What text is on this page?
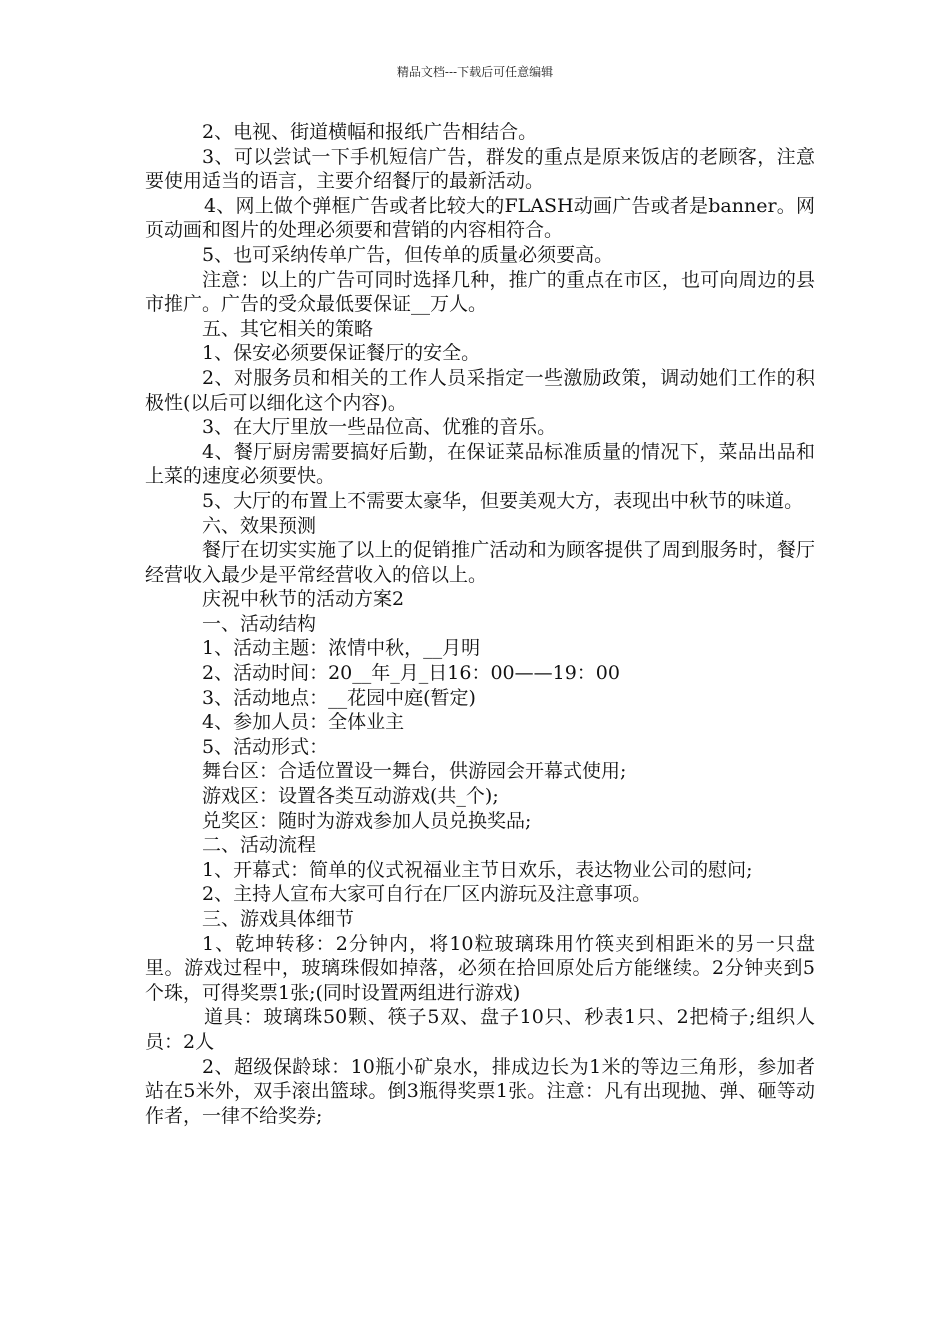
精品文档---下载后可任意编辑

2、电视、街道横幅和报纸广告相结合。

3、可以尝试一下手机短信广告，群发的重点是原来饭店的老顾客，注意要使用适当的语言，主要介绍餐厅的最新活动。

4、网上做个弹框广告或者比较大的FLASH动画广告或者是banner。网页动画和图片的处理必须要和营销的内容相符合。

5、也可采纳传单广告，但传单的质量必须要高。

注意：以上的广告可同时选择几种，推广的重点在市区，也可向周边的县市推广。广告的受众最低要保证__万人。

五、其它相关的策略

1、保安必须要保证餐厅的安全。

2、对服务员和相关的工作人员采指定一些激励政策，调动她们工作的积极性(以后可以细化这个内容)。

3、在大厅里放一些品位高、优雅的音乐。

4、餐厅厨房需要搞好后勤，在保证菜品标准质量的情况下，菜品出品和上菜的速度必须要快。

5、大厅的布置上不需要太豪华，但要美观大方，表现出中秋节的味道。

六、效果预测

餐厅在切实实施了以上的促销推广活动和为顾客提供了周到服务时，餐厅经营收入最少是平常经营收入的倍以上。

庆祝中秋节的活动方案2

一、活动结构

1、活动主题：浓情中秋，__月明

2、活动时间：20__年_月_日16：00——19：00

3、活动地点：__花园中庭(暂定)

4、参加人员：全体业主

5、活动形式：

舞台区：合适位置设一舞台，供游园会开幕式使用;

游戏区：设置各类互动游戏(共_个);

兑奖区：随时为游戏参加人员兑换奖品;

二、活动流程

1、开幕式：简单的仪式祝福业主节日欢乐，表达物业公司的慰问;

2、主持人宣布大家可自行在厂区内游玩及注意事项。

三、游戏具体细节

1、乾坤转移：2分钟内，将10粒玻璃珠用竹筷夹到相距米的另一只盘里。游戏过程中，玻璃珠假如掉落，必须在拾回原处后方能继续。2分钟夹到5个珠，可得奖票1张;(同时设置两组进行游戏)

道具：玻璃珠50颗、筷子5双、盘子10只、秒表1只、2把椅子;组织人员：2人

2、超级保龄球：10瓶小矿泉水，排成边长为1米的等边三角形，参加者站在5米外，双手滚出篮球。倒3瓶得奖票1张。注意：凡有出现抛、弹、砸等动作者，一律不给奖券;
